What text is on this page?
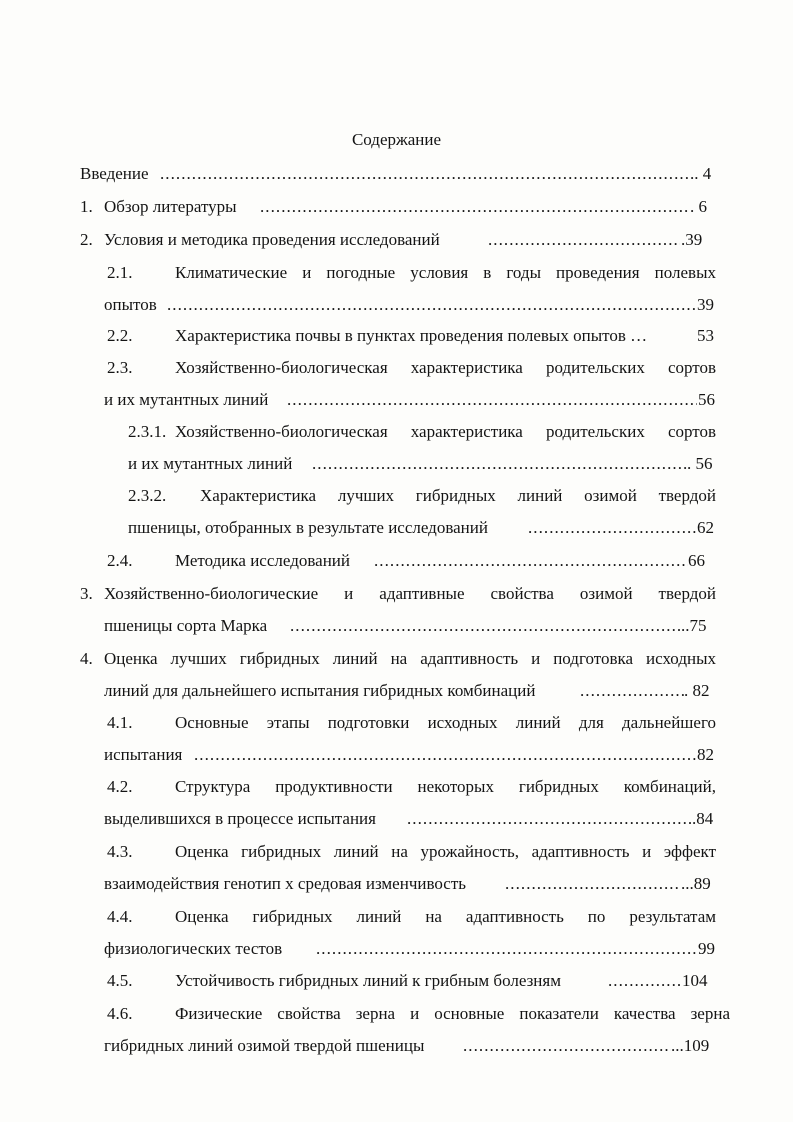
Содержание
Введение . . .	.. 4
1. Обзор литературы . . .	. 6
2. Условия и методика проведения исследований . . .	.39
2.1.	Климатические и погодные условия в годы проведения полевых
опытов . . .	39
2.2.	Характеристика почвы в пунктах проведения полевых опытов …	53
2.3.	Хозяйственно-биологическая характеристика родительских сортов
и их мутантных линий . . .	56
2.3.1. Хозяйственно-биологическая характеристика родительских сортов
и их мутантных линий . . .	. 56
2.3.2. Характеристика лучших гибридных линий озимой твердой
пшеницы, отобранных в результате исследований . . .	62
2.4.	Методика исследований . . .	66
3. Хозяйственно-биологические и адаптивные свойства озимой твердой
пшеницы сорта Марка . . .	..75
4. Оценка лучших гибридных линий на адаптивность и подготовка исходных
линий для дальнейшего испытания гибридных комбинаций . . .	. 82
4.1.	Основные этапы подготовки исходных линий для дальнейшего
испытания . . .	82
4.2.	Структура продуктивности некоторых гибридных комбинаций,
выделившихся в процессе испытания . . .	.84
4.3.	Оценка гибридных линий на урожайность, адаптивность и эффект
взаимодействия генотип х средовая изменчивость . . .	...89
4.4.	Оценка гибридных линий на адаптивность по результатам
физиологических тестов . . .	99
4.5.	Устойчивость гибридных линий к грибным болезням . . .	104
4.6.	Физические свойства зерна и основные показатели качества зерна
гибридных линий озимой твердой пшеницы . . .	...109
